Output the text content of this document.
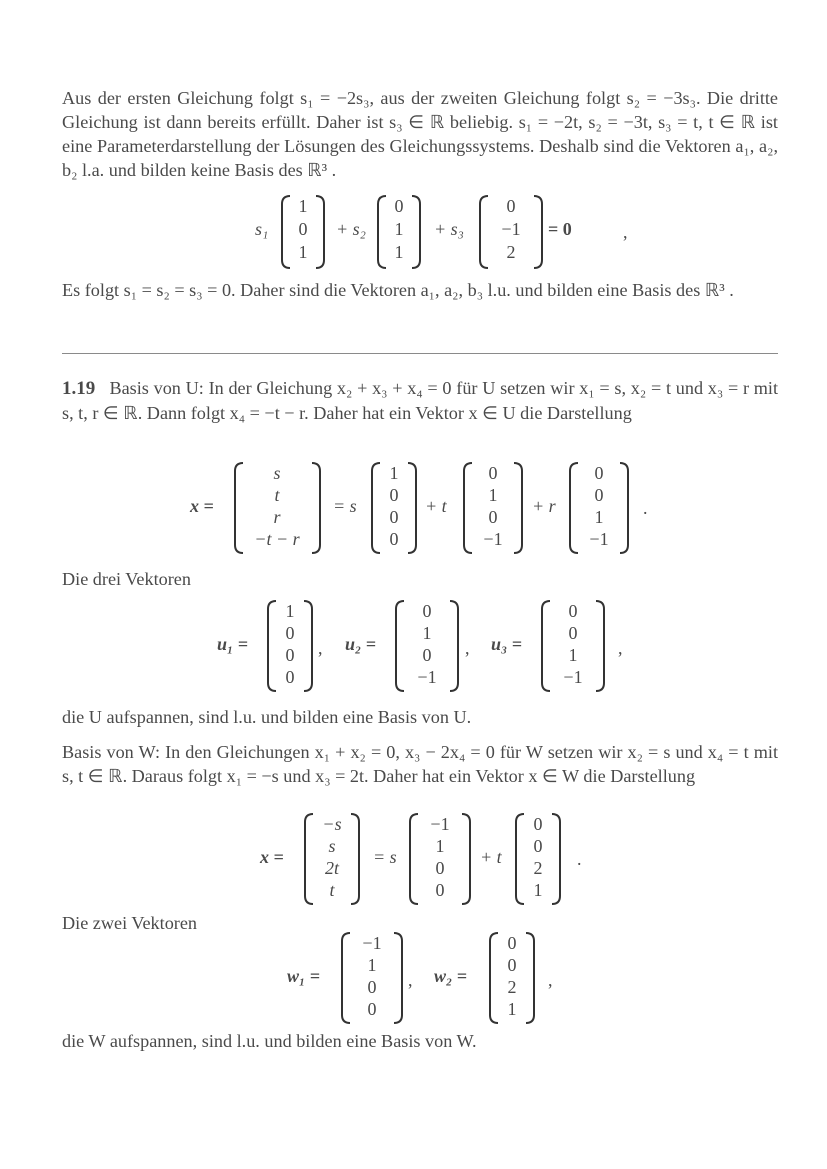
Aus der ersten Gleichung folgt s₁ = −2s₃, aus der zweiten Gleichung folgt s₂ = −3s₃. Die dritte Gleichung ist dann bereits erfüllt. Daher ist s₃ ∈ ℝ beliebig. s₁ = −2t, s₂ = −3t, s₃ = t, t ∈ ℝ ist eine Parameterdarstellung der Lösungen des Gleichungssystems. Deshalb sind die Vektoren a₁, a₂, b₂ l.a. und bilden keine Basis des ℝ³ .
s₁
1
0
1
+ s₂
0
1
1
+ s₃
0
−1
2
= 0	,
Es folgt s₁ = s₂ = s₃ = 0. Daher sind die Vektoren a₁, a₂, b₃ l.u. und bilden eine Basis des ℝ³ .
1.19 Basis von U: In der Gleichung x₂ + x₃ + x₄ = 0 für U setzen wir x₁ = s, x₂ = t und x₃ = r mit s, t, r ∈ ℝ. Dann folgt x₄ = −t − r. Daher hat ein Vektor x ∈ U die Darstellung
x =
s
t
r
−t − r
= s
1
0
0
0
+ t
0
1
0
−1
+ r
0
0
1
−1
.
Die drei Vektoren
u₁ =
1
0
0
0
, u₂ =
0
1
0
−1
, u₃ =
0
0
1
−1
,
die U aufspannen, sind l.u. und bilden eine Basis von U.
Basis von W: In den Gleichungen x₁ + x₂ = 0, x₃ − 2x₄ = 0 für W setzen wir x₂ = s und x₄ = t mit s, t ∈ ℝ. Daraus folgt x₁ = −s und x₃ = 2t. Daher hat ein Vektor x ∈ W die Darstellung
x =
−s
s
2t
t
= s
−1
1
0
0
+ t
0
0
2
1
.
Die zwei Vektoren
w₁ =
−1
1
0
0
, w₂ =
0
0
2
1
,
die W aufspannen, sind l.u. und bilden eine Basis von W.
